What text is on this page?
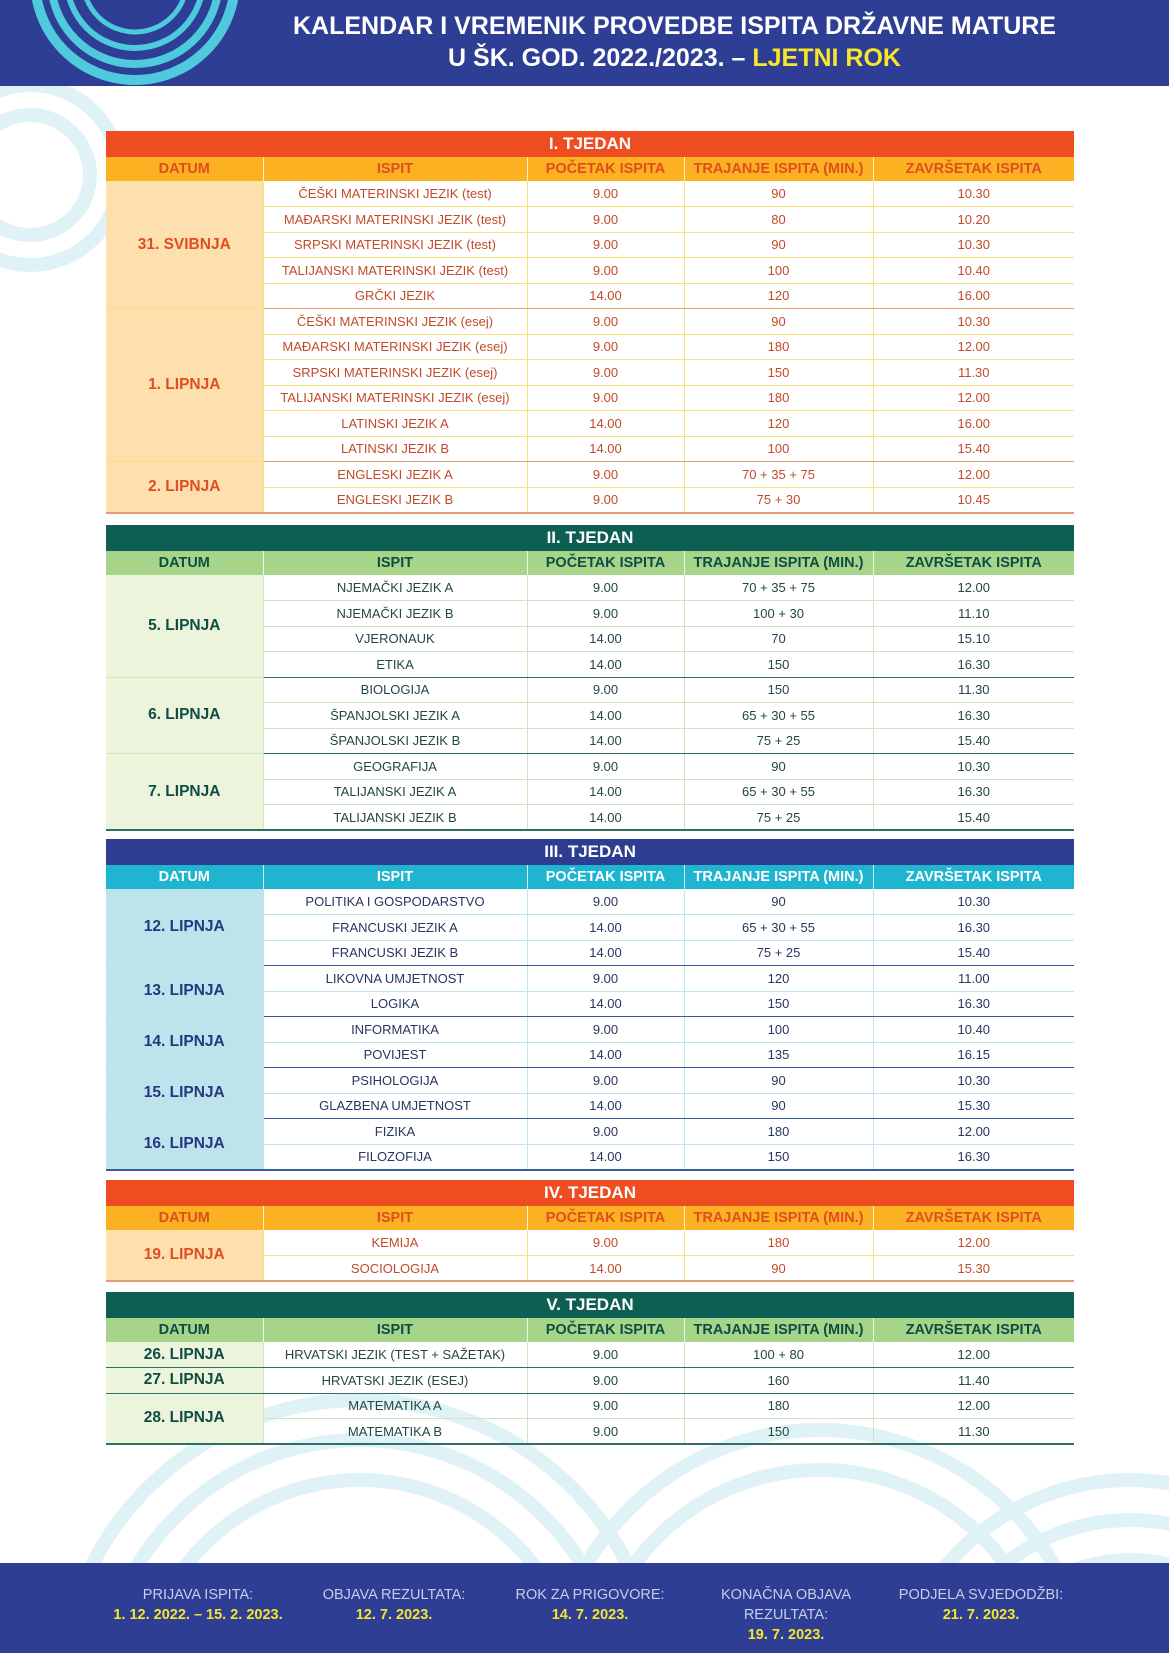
KALENDAR I VREMENIK PROVEDBE ISPITA DRŽAVNE MATURE
U ŠK. GOD. 2022./2023. – LJETNI ROK
I. TJEDAN				
DATUM	ISPIT	POČETAK ISPITA	TRAJANJE ISPITA (MIN.)	ZAVRŠETAK ISPITA
31. SVIBNJA	ČEŠKI MATERINSKI JEZIK (test)	9.00	90	10.30
	MAĐARSKI MATERINSKI JEZIK (test)	9.00	80	10.20
	SRPSKI MATERINSKI JEZIK (test)	9.00	90	10.30
	TALIJANSKI MATERINSKI JEZIK (test)	9.00	100	10.40
	GRČKI JEZIK	14.00	120	16.00
1. LIPNJA	ČEŠKI MATERINSKI JEZIK (esej)	9.00	90	10.30
	MAĐARSKI MATERINSKI JEZIK (esej)	9.00	180	12.00
	SRPSKI MATERINSKI JEZIK (esej)	9.00	150	11.30
	TALIJANSKI MATERINSKI JEZIK (esej)	9.00	180	12.00
	LATINSKI JEZIK A	14.00	120	16.00
	LATINSKI JEZIK B	14.00	100	15.40
2. LIPNJA	ENGLESKI JEZIK A	9.00	70 + 35 + 75	12.00
	ENGLESKI JEZIK B	9.00	75 + 30	10.45
II. TJEDAN				
DATUM	ISPIT	POČETAK ISPITA	TRAJANJE ISPITA (MIN.)	ZAVRŠETAK ISPITA
5. LIPNJA	NJEMAČKI JEZIK A	9.00	70 + 35 + 75	12.00
	NJEMAČKI JEZIK B	9.00	100 + 30	11.10
	VJERONAUK	14.00	70	15.10
	ETIKA	14.00	150	16.30
6. LIPNJA	BIOLOGIJA	9.00	150	11.30
	ŠPANJOLSKI JEZIK A	14.00	65 + 30 + 55	16.30
	ŠPANJOLSKI JEZIK B	14.00	75 + 25	15.40
7. LIPNJA	GEOGRAFIJA	9.00	90	10.30
	TALIJANSKI JEZIK A	14.00	65 + 30 + 55	16.30
	TALIJANSKI JEZIK B	14.00	75 + 25	15.40
III. TJEDAN				
DATUM	ISPIT	POČETAK ISPITA	TRAJANJE ISPITA (MIN.)	ZAVRŠETAK ISPITA
12. LIPNJA	POLITIKA I GOSPODARSTVO	9.00	90	10.30
	FRANCUSKI JEZIK A	14.00	65 + 30 + 55	16.30
	FRANCUSKI JEZIK B	14.00	75 + 25	15.40
13. LIPNJA	LIKOVNA UMJETNOST	9.00	120	11.00
	LOGIKA	14.00	150	16.30
14. LIPNJA	INFORMATIKA	9.00	100	10.40
	POVIJEST	14.00	135	16.15
15. LIPNJA	PSIHOLOGIJA	9.00	90	10.30
	GLAZBENA UMJETNOST	14.00	90	15.30
16. LIPNJA	FIZIKA	9.00	180	12.00
	FILOZOFIJA	14.00	150	16.30
IV. TJEDAN				
DATUM	ISPIT	POČETAK ISPITA	TRAJANJE ISPITA (MIN.)	ZAVRŠETAK ISPITA
19. LIPNJA	KEMIJA	9.00	180	12.00
	SOCIOLOGIJA	14.00	90	15.30
V. TJEDAN				
DATUM	ISPIT	POČETAK ISPITA	TRAJANJE ISPITA (MIN.)	ZAVRŠETAK ISPITA
26. LIPNJA	HRVATSKI JEZIK (TEST + SAŽETAK)	9.00	100 + 80	12.00
27. LIPNJA	HRVATSKI JEZIK (ESEJ)	9.00	160	11.40
28. LIPNJA	MATEMATIKA A	9.00	180	12.00
	MATEMATIKA B	9.00	150	11.30
PRIJAVA ISPITA:
1. 12. 2022. – 15. 2. 2023.
OBJAVA REZULTATA:
12. 7. 2023.
ROK ZA PRIGOVORE:
14. 7. 2023.
KONAČNA OBJAVA REZULTATA:
19. 7. 2023.
PODJELA SVJEDODŽBI:
21. 7. 2023.
